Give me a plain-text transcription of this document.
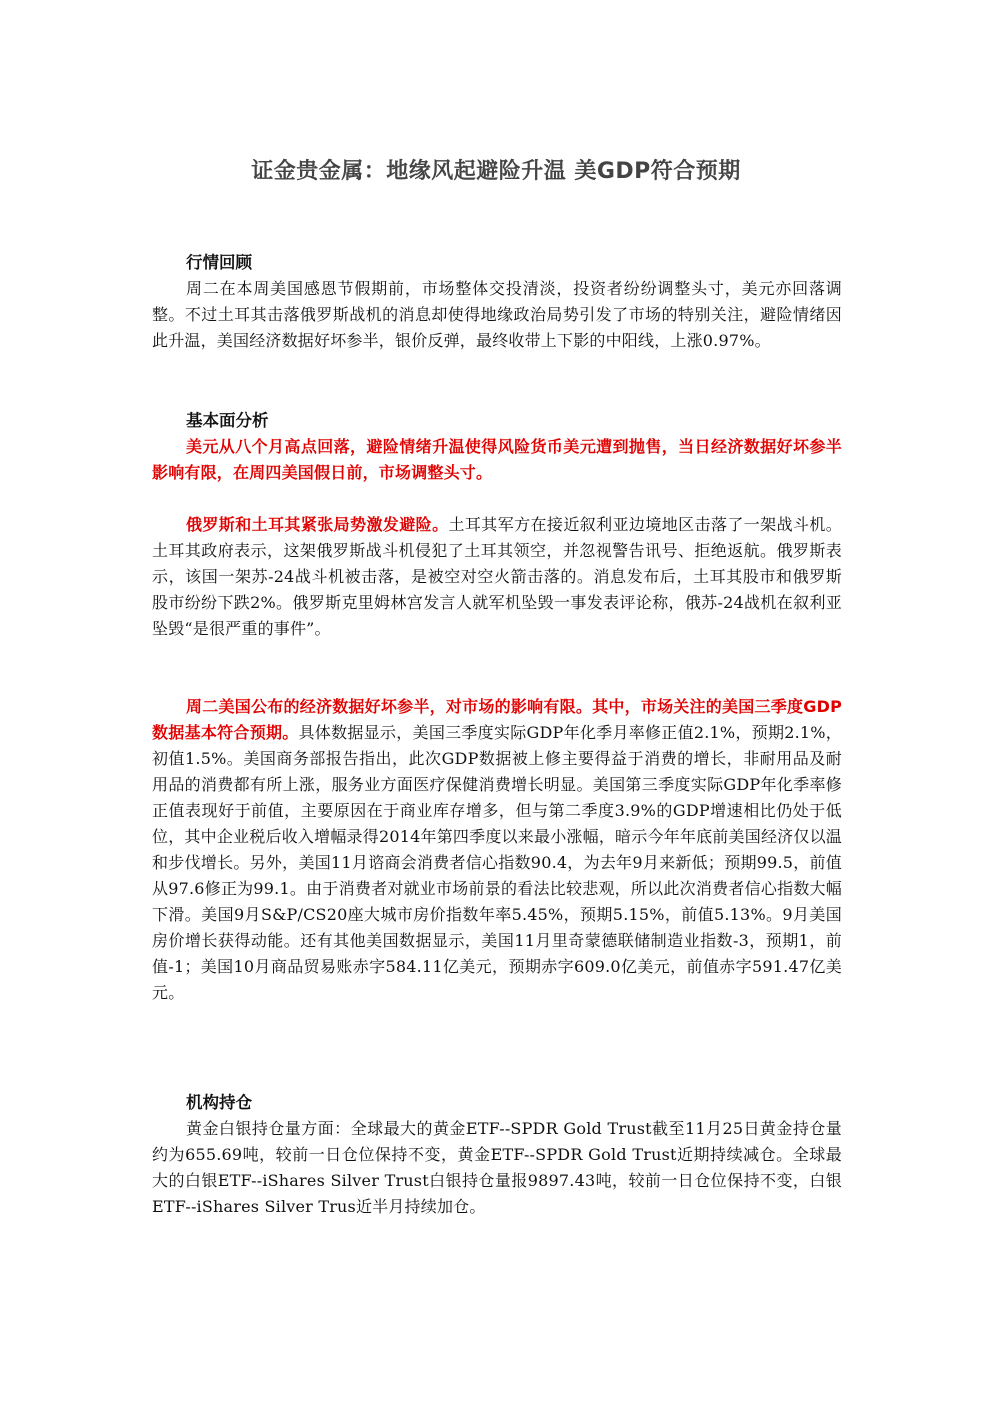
证金贵金属：地缘风起避险升温 美GDP符合预期
行情回顾

周二在本周美国感恩节假期前，市场整体交投清淡，投资者纷纷调整头寸，美元亦回落调整。不过土耳其击落俄罗斯战机的消息却使得地缘政治局势引发了市场的特别关注，避险情绪因此升温，美国经济数据好坏参半，银价反弹，最终收带上下影的中阳线，上涨0.97%。

基本面分析

美元从八个月高点回落，避险情绪升温使得风险货币美元遭到抛售，当日经济数据好坏参半影响有限，在周四美国假日前，市场调整头寸。

俄罗斯和土耳其紧张局势激发避险。土耳其军方在接近叙利亚边境地区击落了一架战斗机。土耳其政府表示，这架俄罗斯战斗机侵犯了土耳其领空，并忽视警告讯号、拒绝返航。俄罗斯表示，该国一架苏-24战斗机被击落，是被空对空火箭击落的。消息发布后，土耳其股市和俄罗斯股市纷纷下跌2%。俄罗斯克里姆林宫发言人就军机坠毁一事发表评论称，俄苏-24战机在叙利亚坠毁“是很严重的事件”。

周二美国公布的经济数据好坏参半，对市场的影响有限。其中，市场关注的美国三季度GDP数据基本符合预期。具体数据显示，美国三季度实际GDP年化季月率修正值2.1%，预期2.1%，初值1.5%。美国商务部报告指出，此次GDP数据被上修主要得益于消费的增长，非耐用品及耐用品的消费都有所上涨，服务业方面医疗保健消费增长明显。美国第三季度实际GDP年化季率修正值表现好于前值，主要原因在于商业库存增多，但与第二季度3.9%的GDP增速相比仍处于低位，其中企业税后收入增幅录得2014年第四季度以来最小涨幅，暗示今年年底前美国经济仅以温和步伐增长。另外，美国11月谘商会消费者信心指数90.4，为去年9月来新低；预期99.5，前值从97.6修正为99.1。由于消费者对就业市场前景的看法比较悲观，所以此次消费者信心指数大幅下滑。美国9月S&P/CS20座大城市房价指数年率5.45%，预期5.15%，前值5.13%。9月美国房价增长获得动能。还有其他美国数据显示，美国11月里奇蒙德联储制造业指数-3，预期1，前值-1；美国10月商品贸易账赤字584.11亿美元，预期赤字609.0亿美元，前值赤字591.47亿美元。

机构持仓

黄金白银持仓量方面：全球最大的黄金ETF--SPDR Gold Trust截至11月25日黄金持仓量约为655.69吨，较前一日仓位保持不变，黄金ETF--SPDR Gold Trust近期持续减仓。全球最大的白银ETF--iShares Silver Trust白银持仓量报9897.43吨，较前一日仓位保持不变，白银ETF--iShares Silver Trus近半月持续加仓。
